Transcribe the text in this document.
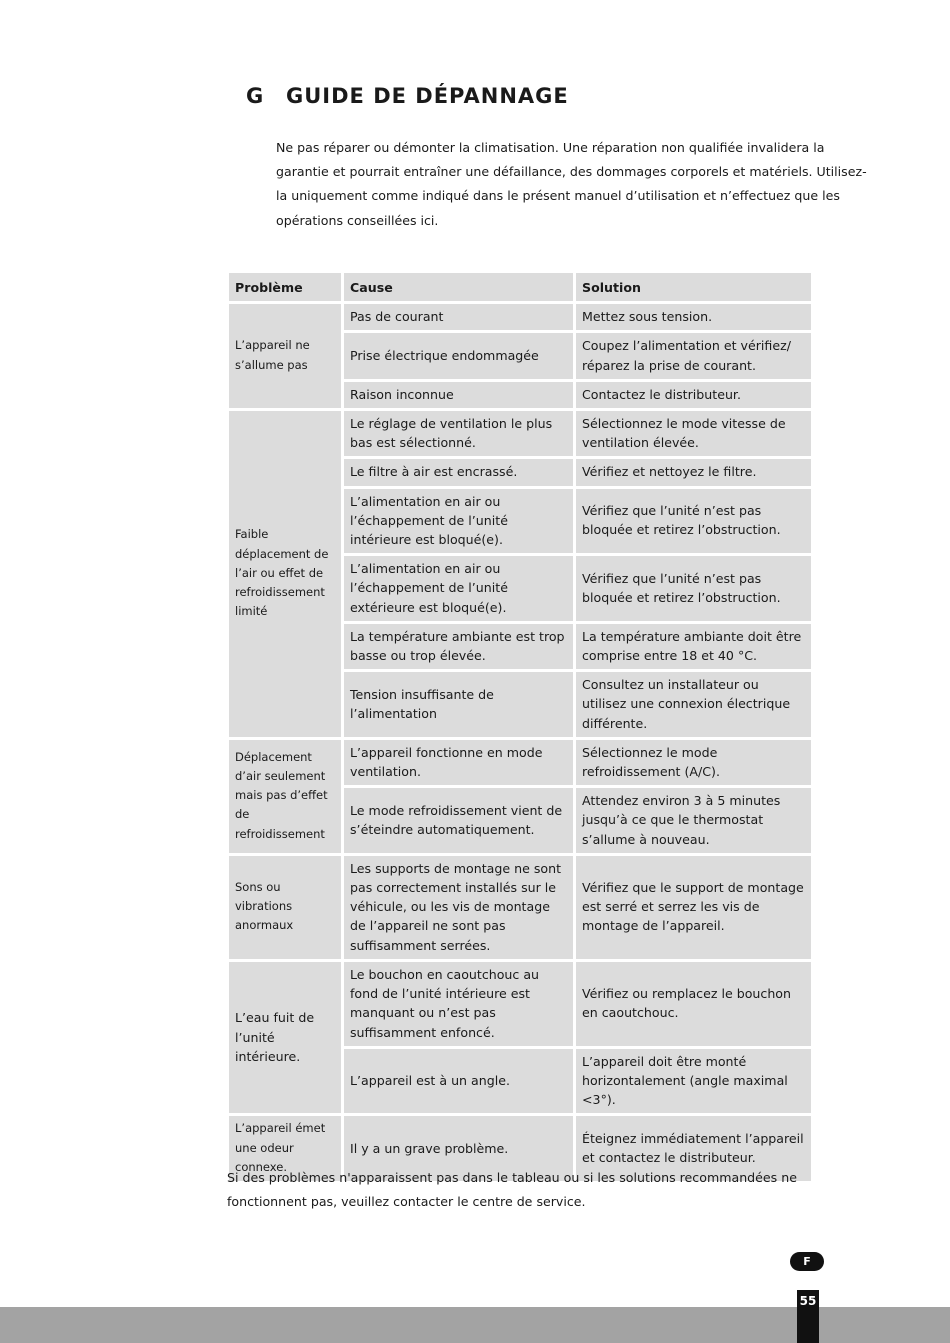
G GUIDE DE DÉPANNAGE

Ne pas réparer ou démonter la climatisation. Une réparation non qualifiée invalidera la garantie et pourrait entraîner une défaillance, des dommages corporels et matériels. Utilisez-la uniquement comme indiqué dans le présent manuel d’utilisation et n’effectuez que les opérations conseillées ici.

Problème	Cause	Solution
L’appareil ne s’allume pas	Pas de courant	Mettez sous tension.
	Prise électrique endommagée	Coupez l’alimentation et vérifiez/ réparez la prise de courant.
	Raison inconnue	Contactez le distributeur.
Faible déplacement de l’air ou effet de refroidissement limité	Le réglage de ventilation le plus bas est sélectionné.	Sélectionnez le mode vitesse de ventilation élevée.
	Le filtre à air est encrassé.	Vérifiez et nettoyez le filtre.
	L’alimentation en air ou l’échappement de l’unité intérieure est bloqué(e).	Vérifiez que l’unité n’est pas bloquée et retirez l’obstruction.
	L’alimentation en air ou l’échappement de l’unité extérieure est bloqué(e).	Vérifiez que l’unité n’est pas bloquée et retirez l’obstruction.
	La température ambiante est trop basse ou trop élevée.	La température ambiante doit être comprise entre 18 et 40 °C.
	Tension insuffisante de l’alimentation	Consultez un installateur ou utilisez une connexion électrique différente.
Déplacement d’air seulement mais pas d’effet de refroidissement	L’appareil fonctionne en mode ventilation.	Sélectionnez le mode refroidissement (A/C).
	Le mode refroidissement vient de s’éteindre automatiquement.	Attendez environ 3 à 5 minutes jusqu’à ce que le thermostat s’allume à nouveau.
Sons ou vibrations anormaux	Les supports de montage ne sont pas correctement installés sur le véhicule, ou les vis de montage de l’appareil ne sont pas suffisamment serrées.	Vérifiez que le support de montage est serré et serrez les vis de montage de l’appareil.
L’eau fuit de l’unité intérieure.	Le bouchon en caoutchouc au fond de l’unité intérieure est manquant ou n’est pas suffisamment enfoncé.	Vérifiez ou remplacez le bouchon en caoutchouc.
	L’appareil est à un angle.	L’appareil doit être monté horizontalement (angle maximal <3°).
L’appareil émet une odeur connexe.	Il y a un grave problème.	Éteignez immédiatement l’appareil et contactez le distributeur.

Si des problèmes n'apparaissent pas dans le tableau ou si les solutions recommandées ne fonctionnent pas, veuillez contacter le centre de service.

F
55
